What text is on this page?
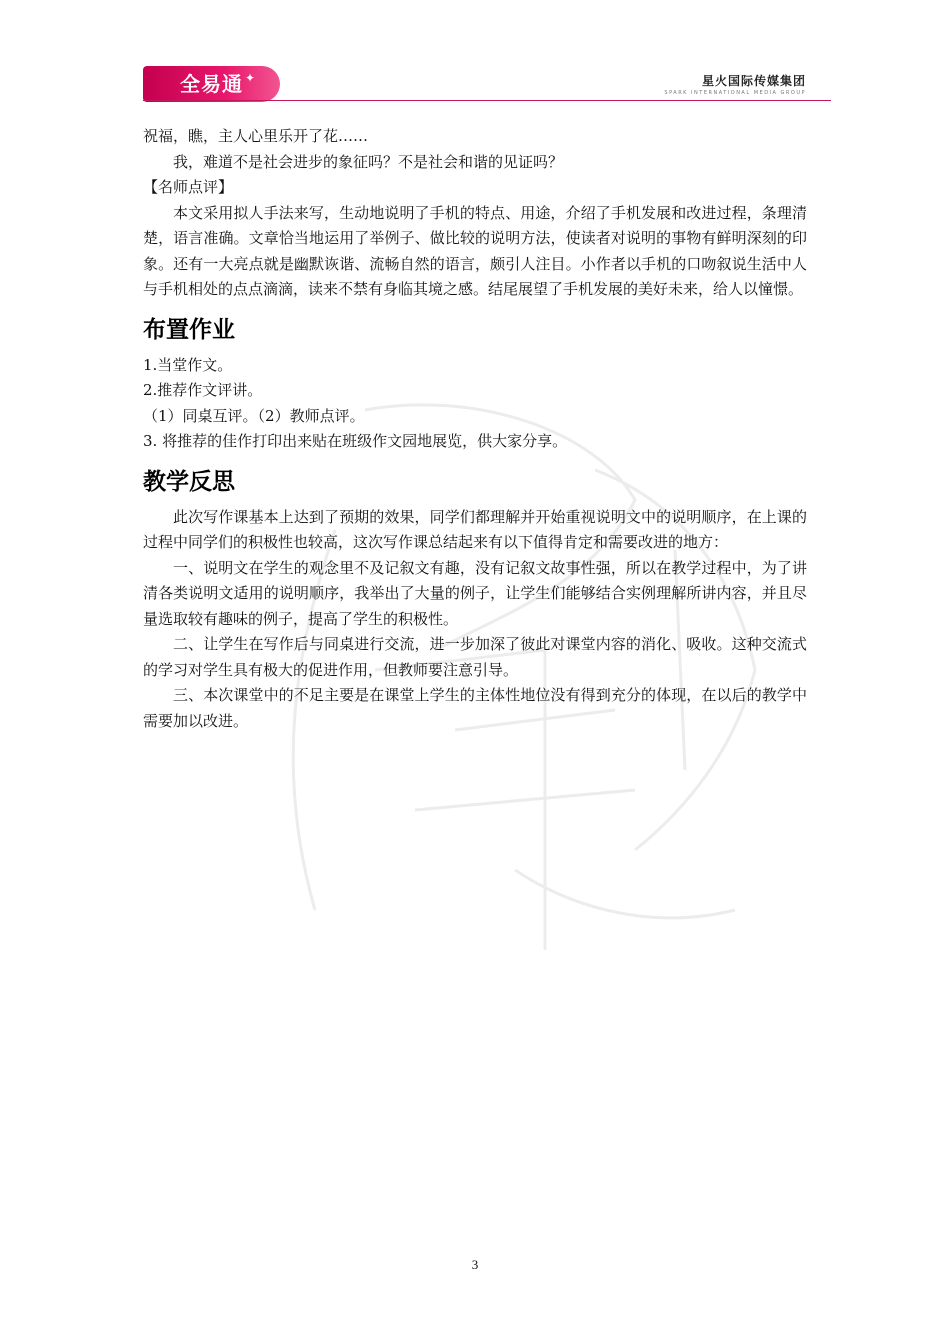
全易通 ✦	星火国际传媒集团
SPARK INTERNATIONAL MEDIA GROUP

祝福，瞧，主人心里乐开了花……

我，难道不是社会进步的象征吗？不是社会和谐的见证吗？

【名师点评】

本文采用拟人手法来写，生动地说明了手机的特点、用途，介绍了手机发展和改进过程，条理清楚，语言准确。文章恰当地运用了举例子、做比较的说明方法，使读者对说明的事物有鲜明深刻的印象。还有一大亮点就是幽默诙谐、流畅自然的语言，颇引人注目。小作者以手机的口吻叙说生活中人与手机相处的点点滴滴，读来不禁有身临其境之感。结尾展望了手机发展的美好未来，给人以憧憬。

布置作业

1.当堂作文。

2.推荐作文评讲。

（1）同桌互评。（2）教师点评。

3. 将推荐的佳作打印出来贴在班级作文园地展览，供大家分享。

教学反思

此次写作课基本上达到了预期的效果，同学们都理解并开始重视说明文中的说明顺序，在上课的过程中同学们的积极性也较高，这次写作课总结起来有以下值得肯定和需要改进的地方：

一、说明文在学生的观念里不及记叙文有趣，没有记叙文故事性强，所以在教学过程中，为了讲清各类说明文适用的说明顺序，我举出了大量的例子，让学生们能够结合实例理解所讲内容，并且尽量选取较有趣味的例子，提高了学生的积极性。

二、让学生在写作后与同桌进行交流，进一步加深了彼此对课堂内容的消化、吸收。这种交流式的学习对学生具有极大的促进作用，但教师要注意引导。

三、本次课堂中的不足主要是在课堂上学生的主体性地位没有得到充分的体现，在以后的教学中需要加以改进。

3
